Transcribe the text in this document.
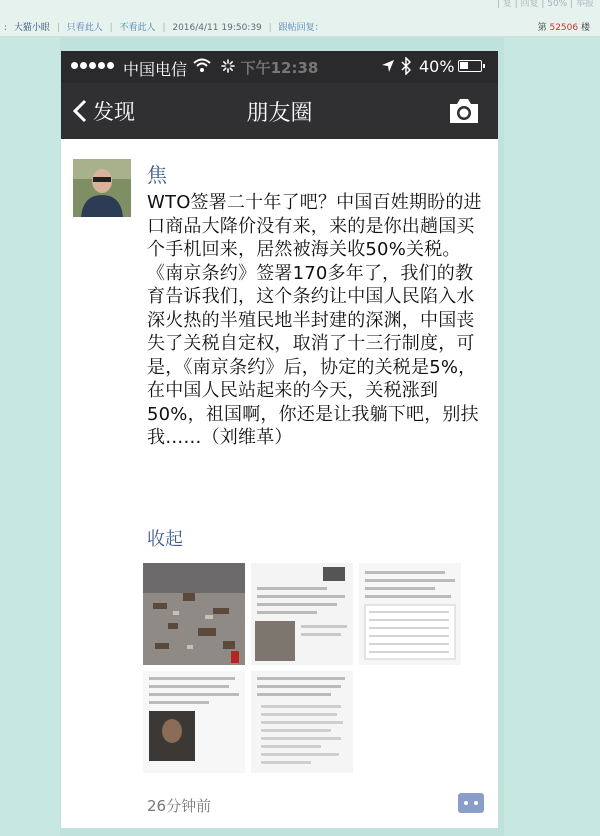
| 复 | 回复 | 50% | 举报
: 大猫小眼 | 只看此人 | 不看此人 | 2016/4/11 19:50:39 | 跟帖回复：	第 52506 楼
中国电信	下午12:38	40%
发现	朋友圈
焦
WTO签署二十年了吧？中国百姓期盼的进口商品大降价没有来，来的是你出趟国买个手机回来，居然被海关收50%关税。
《南京条约》签署170多年了，我们的教育告诉我们，这个条约让中国人民陷入水深火热的半殖民地半封建的深渊，中国丧失了关税自定权，取消了十三行制度，可是，《南京条约》后，协定的关税是5%，在中国人民站起来的今天，关税涨到50%，祖国啊，你还是让我躺下吧，别扶我……（刘维革）
收起
26分钟前
